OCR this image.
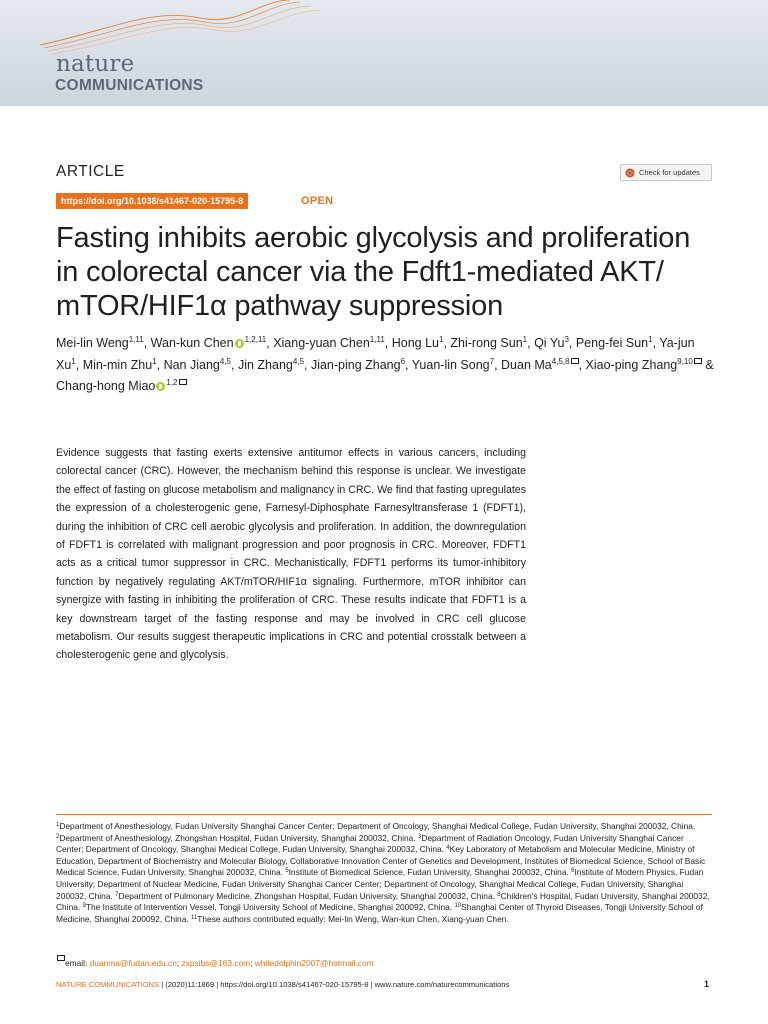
nature
COMMUNICATIONS
ARTICLE	Check for updates
https://doi.org/10.1038/s41467-020-15795-8	OPEN
Fasting inhibits aerobic glycolysis and proliferation
in colorectal cancer via the Fdft1-mediated AKT/
mTOR/HIF1α pathway suppression
Mei-lin Weng$^{1,11}$, Wan-kun Chen $^{1,2,11}$, Xiang-yuan Chen$^{1,11}$, Hong Lu$^1$, Zhi-rong Sun$^1$, Qi Yu$^3$, Peng-fei Sun$^1$, Ya-jun Xu$^1$, Min-min Zhu$^1$, Nan Jiang$^{4,5}$, Jin Zhang$^{4,5}$, Jian-ping Zhang$^6$, Yuan-lin Song$^7$, Duan Ma$^{4,5,8}$ , Xiao-ping Zhang$^{9,10}$ & Chang-hong Miao $^{1,2}$

Evidence suggests that fasting exerts extensive antitumor effects in various cancers, including colorectal cancer (CRC). However, the mechanism behind this response is unclear. We investigate the effect of fasting on glucose metabolism and malignancy in CRC. We find that fasting upregulates the expression of a cholesterogenic gene, Farnesyl-Diphosphate Farnesyltransferase 1 (FDFT1), during the inhibition of CRC cell aerobic glycolysis and proliferation. In addition, the downregulation of FDFT1 is correlated with malignant progression and poor prognosis in CRC. Moreover, FDFT1 acts as a critical tumor suppressor in CRC. Mechanistically, FDFT1 performs its tumor-inhibitory function by negatively regulating AKT/mTOR/HIF1α signaling. Furthermore, mTOR inhibitor can synergize with fasting in inhibiting the proliferation of CRC. These results indicate that FDFT1 is a key downstream target of the fasting response and may be involved in CRC cell glucose metabolism. Our results suggest therapeutic implications in CRC and potential crosstalk between a cholesterogenic gene and glycolysis.

$^1$Department of Anesthesiology, Fudan University Shanghai Cancer Center; Department of Oncology, Shanghai Medical College, Fudan University, Shanghai 200032, China. $^2$Department of Anesthesiology, Zhongshan Hospital, Fudan University, Shanghai 200032, China. $^3$Department of Radiation Oncology, Fudan University Shanghai Cancer Center; Department of Oncology, Shanghai Medical College, Fudan University, Shanghai 200032, China. $^4$Key Laboratory of Metabolism and Molecular Medicine, Ministry of Education, Department of Biochemistry and Molecular Biology, Collaborative Innovation Center of Genetics and Development, Institutes of Biomedical Science, School of Basic Medical Science, Fudan University, Shanghai 200032, China. $^5$Institute of Biomedical Science, Fudan University, Shanghai 200032, China. $^6$Institute of Modern Physics, Fudan University; Department of Nuclear Medicine, Fudan University Shanghai Cancer Center; Department of Oncology, Shanghai Medical College, Fudan University, Shanghai 200032, China. $^7$Department of Pulmonary Medicine, Zhongshan Hospital, Fudan University, Shanghai 200032, China. $^8$Children's Hospital, Fudan University, Shanghai 200032, China. $^9$The Institute of Intervention Vessel, Tongji University School of Medicine, Shanghai 200092, China. $^{10}$Shanghai Center of Thyroid Diseases, Tongji University School of Medicine, Shanghai 200092, China. $^{11}$These authors contributed equally: Mei-lin Weng, Wan-kun Chen, Xiang-yuan Chen.

email: duanma@fudan.edu.cn; zxpsibs@163.com; whitedolphin2007@hotmail.com
NATURE COMMUNICATIONS | (2020)11:1869 | https://doi.org/10.1038/s41467-020-15795-8 | www.nature.com/naturecommunications	1
